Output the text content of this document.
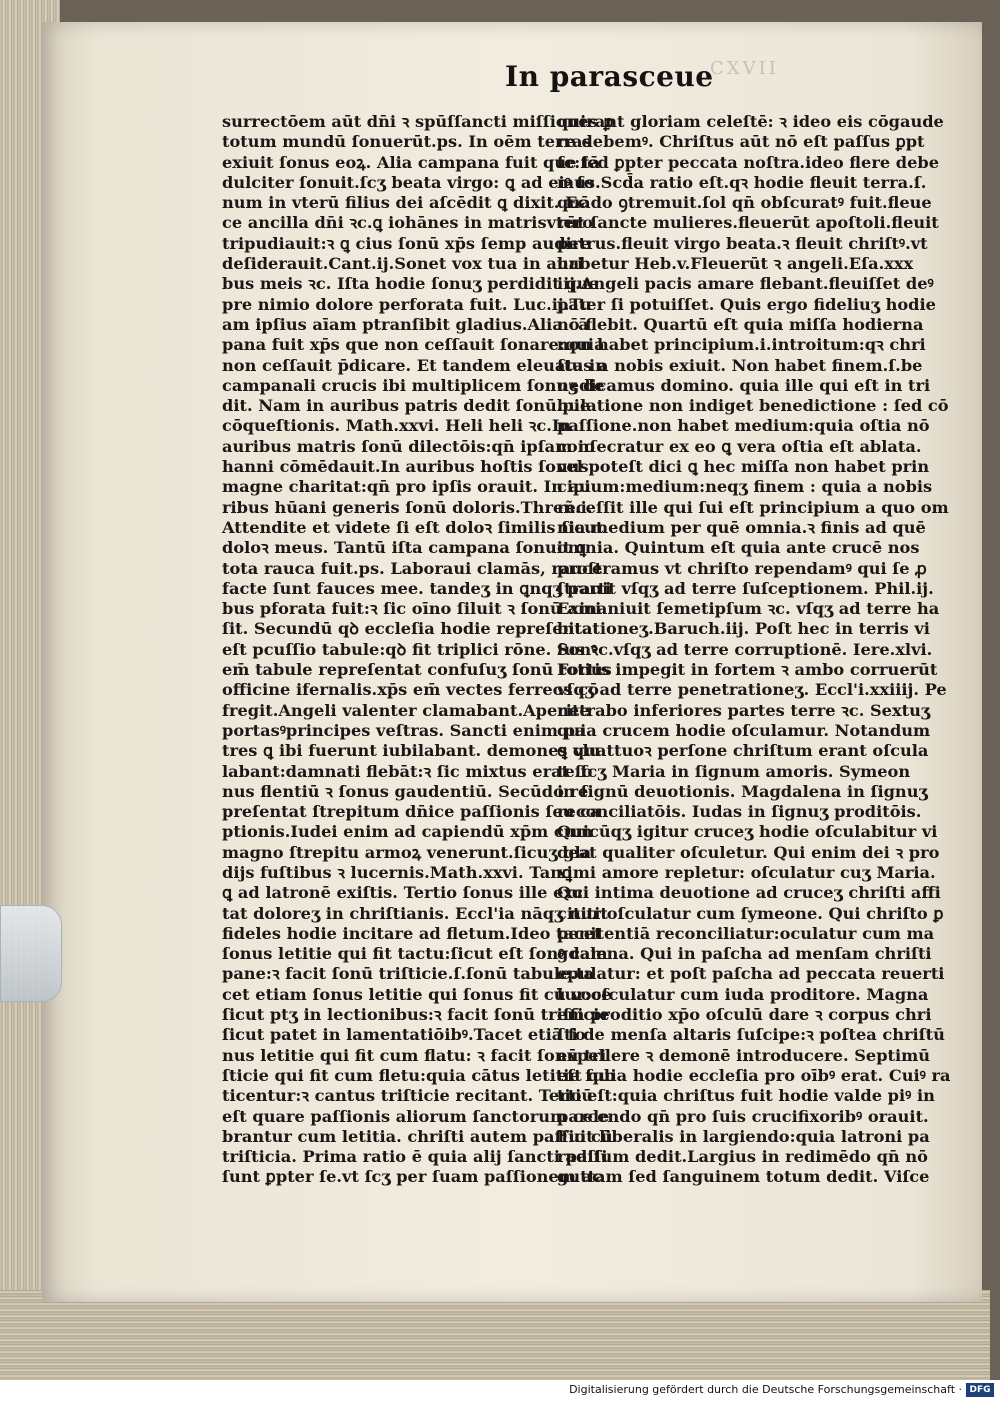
CXVII
In parasceue
surrectōem aūt dn̄i ꝛ spūſſancti miſſiones ꝑ
totum mundū ſonuerūt.ps. In oēm terras
exiuit ſonus eoꝝ. Alia campana fuit que tā
dulciter ſonuit.ſcʒ beata virgo: ꝗ ad eiꝰ ſo
num in vterū filius dei aſcēdit ꝗ dixit. Ec
ce ancilla dn̄i ꝛc.ꝗ iohānes in matrisvtero
tripudiauit:ꝛ ꝗ cius ſonū xp̄s ſemp audire
deſiderauit.Cant.ij.Sonet vox tua in auri
bus meis ꝛc. Iſta hodie ſonuʒ perdidit que
pre nimio dolore perforata fuit. Luc.ij.Tu
am ipſius aīam ptranſibit gladius.Alia cā
pana fuit xp̄s que non ceſſauit ſonare:quia
non ceſſauit p̄dicare. Et tandem eleuata in
campanali crucis ibi multiplicem ſonuʒ de
dit. Nam in auribus patris dedit ſonū.pie
cōqueſtionis. Math.xxvi. Heli heli ꝛc.In
auribus matris ſonū dilectōis:qn̄ ipſam io
hanni cōmēdauit.In auribus hoſtis ſonus
magne charitat:qn̄ pro ipſis orauit. In au
ribus hūani generis ſonū doloris.Threñ.i.
Attendite et videte ſi eſt doloꝛ ſimilis ſicut
doloꝛ meus. Tantū iſta campana ſonuit ꝗ
tota rauca fuit.ps. Laboraui clamās, rauce
facte ſunt fauces mee. tandeʒ in ꝗnqʒ parti
bus pforata fuit:ꝛ ſic oīno ſiluit ꝛ ſonū ami
ſit. Secundū qꝺ eccleſia hodie repreſentat
eſt pcuſſio tabule:qꝺ fit triplici rōne. Sonꝰ
em̄ tabule repreſentat confuſuʒ ſonū totius
officine ifernalis.xp̄s em̄ vectes ferreos cō
fregit.Angeli valenter clamabant.Aperite
portasꝰprincipes veſtras. Sancti enim pa
tres ꝗ ibi fuerunt iubilabant. demones vlu
labant:damnati flebāt:ꝛ ſic mixtus erat ſo
nus flentiū ꝛ ſonus gaudentiū. Secūdo re
preſentat ſtrepitum dn̄ice paſſionis ſeu ca
ptionis.Iudei enim ad capiendū xp̄m cum
magno ſtrepitu armoꝝ venerunt.ſicuʒ gla
dijs fuſtibus ꝛ lucernis.Math.xxvi. Tanꝗ
ꝗ ad latronē exiſtis. Tertio ſonus ille exci
tat doloreʒ in chriſtianis. Eccl'ia nāqʒ nitit
fideles hodie incitare ad fletum.Ideo tacet
ſonus letitie qui fit tactu:ſicut eſt ſonꝰ cam
pane:ꝛ facit ſonū triſticie.ſ.ſonū tabule.ta
cet etiam ſonus letitie qui ſonus fit cū voce
ſicut ptʒ in lectionibus:ꝛ facit ſonū triſticie
ſicut patet in lamentatiōibꝰ.Tacet etiā ſo
nus letitie qui fit cum flatu: ꝛ facit ſonū tri
ſticie qui fit cum fletu:quia cātus letitie ſub
ticentur:ꝛ cantus triſticie recitant. Tertiū
eſt quare paſſionis aliorum ſanctorum cele
brantur cum letitia. chriſti autem paſſio cū
triſticia. Prima ratio ē quia alij ſancti paſſi
ſunt ꝑpter ſe.vt ſcʒ per ſuam paſſionem ac
quirant gloriam celeſtē: ꝛ ideo eis cōgaude
re debemꝰ. Chriſtus aūt nō eſt paſſus ꝑpt
ſe:ſed ꝑpter peccata noſtra.ideo flere debe
mus.Scd̄a ratio eſt.qꝛ hodie fleuit terra.ſ.
quādo ꝯtremuit.ſol qn̄ obſcuratꝰ fuit.fleue
rūt ſancte mulieres.fleuerūt apoſtoli.fleuit
petrus.fleuit virgo beata.ꝛ fleuit chriſtꝰ.vt
habetur Heb.v.Fleuerūt ꝛ angeli.Eſa.xxx
iij.Angeli pacis amare flebant.fleuiſſet deꝰ
pater ſi potuiſſet. Quis ergo fideliuʒ hodie
nō flebit. Quartū eſt quia miſſa hodierna
non habet principium.i.introitum:qꝛ chri
ſtus a nobis exiuit. Non habet finem.ſ.be
nedicamus domino. quia ille qui eſt in tri
bulatione non indiget benedictione : ſed cō
paſſione.non habet medium:quia oſtia nō
conſecratur ex eo ꝗ vera oſtia eſt ablata.
vel poteſt dici ꝗ hec miſſa non habet prin
cipium:medium:neqʒ finem : quia a nobis
receſſit ille qui ſui eſt principium a quo om
nia.medium per quē omnia.ꝛ finis ad quē
omnia. Quintum eſt quia ante crucē nos
proſtramus vt chriſto rependamꝰ qui ſe ꝓ
ſtrauit vſqʒ ad terre ſuſceptionem. Phil.ij.
Exinaniuit ſemetipſum ꝛc. vſqʒ ad terre ha
bitationeʒ.Baruch.iij. Poſt hec in terris vi
ſus ꝛc.vſqʒ ad terre corruptionē. Iere.xlvi.
Fortis impegit in fortem ꝛ ambo corruerūt
vſqʒ ad terre penetrationeʒ. Eccl'i.xxiiij. Pe
netrabo inferiores partes terre ꝛc. Sextuʒ
quia crucem hodie oſculamur. Notandum
ꝗ quattuoꝛ perſone chriſtum erant oſcula
te.ſcʒ Maria in ſignum amoris. Symeon
in ſignū deuotionis. Magdalena in ſignuʒ
reconciliatōis. Iudas in ſignuʒ proditōis.
Quicūqʒ igitur cruceʒ hodie oſculabitur vi
deat qualiter oſculetur. Qui enim dei ꝛ pro
ximi amore repletur: oſculatur cuʒ Maria.
Qui intima deuotione ad cruceʒ chriſti affi
citur:oſculatur cum ſymeone. Qui chriſto ꝑ
penitentiā reconciliatur:oculatur cum ma
gdalena. Qui in paſcha ad menſam chriſti
epulatur: et poſt paſcha ad peccata reuerti
tur:oſculatur cum iuda proditore. Magna
em̄ proditio xp̄o oſculū dare ꝛ corpus chri
ſti de menſa altaris ſuſcipe:ꝛ poſtea chriſtū
expellere ꝛ demonē introducere. Septimū
eſt quia hodie eccleſia pro oībꝰ erat. Cuiꝰ ra
tio eſt:quia chriſtus fuit hodie valde piꝰ in
parcendo qn̄ pro ſuis crucifixoribꝰ orauit.
Fuit liberalis in largiendo:quia latroni pa
radiſum dedit.Largius in redimēdo qn̄ nō
guttam ſed ſanguinem totum dedit. Viſce
Digitalisierung gefördert durch die Deutsche Forschungsgemeinschaft · DFG
